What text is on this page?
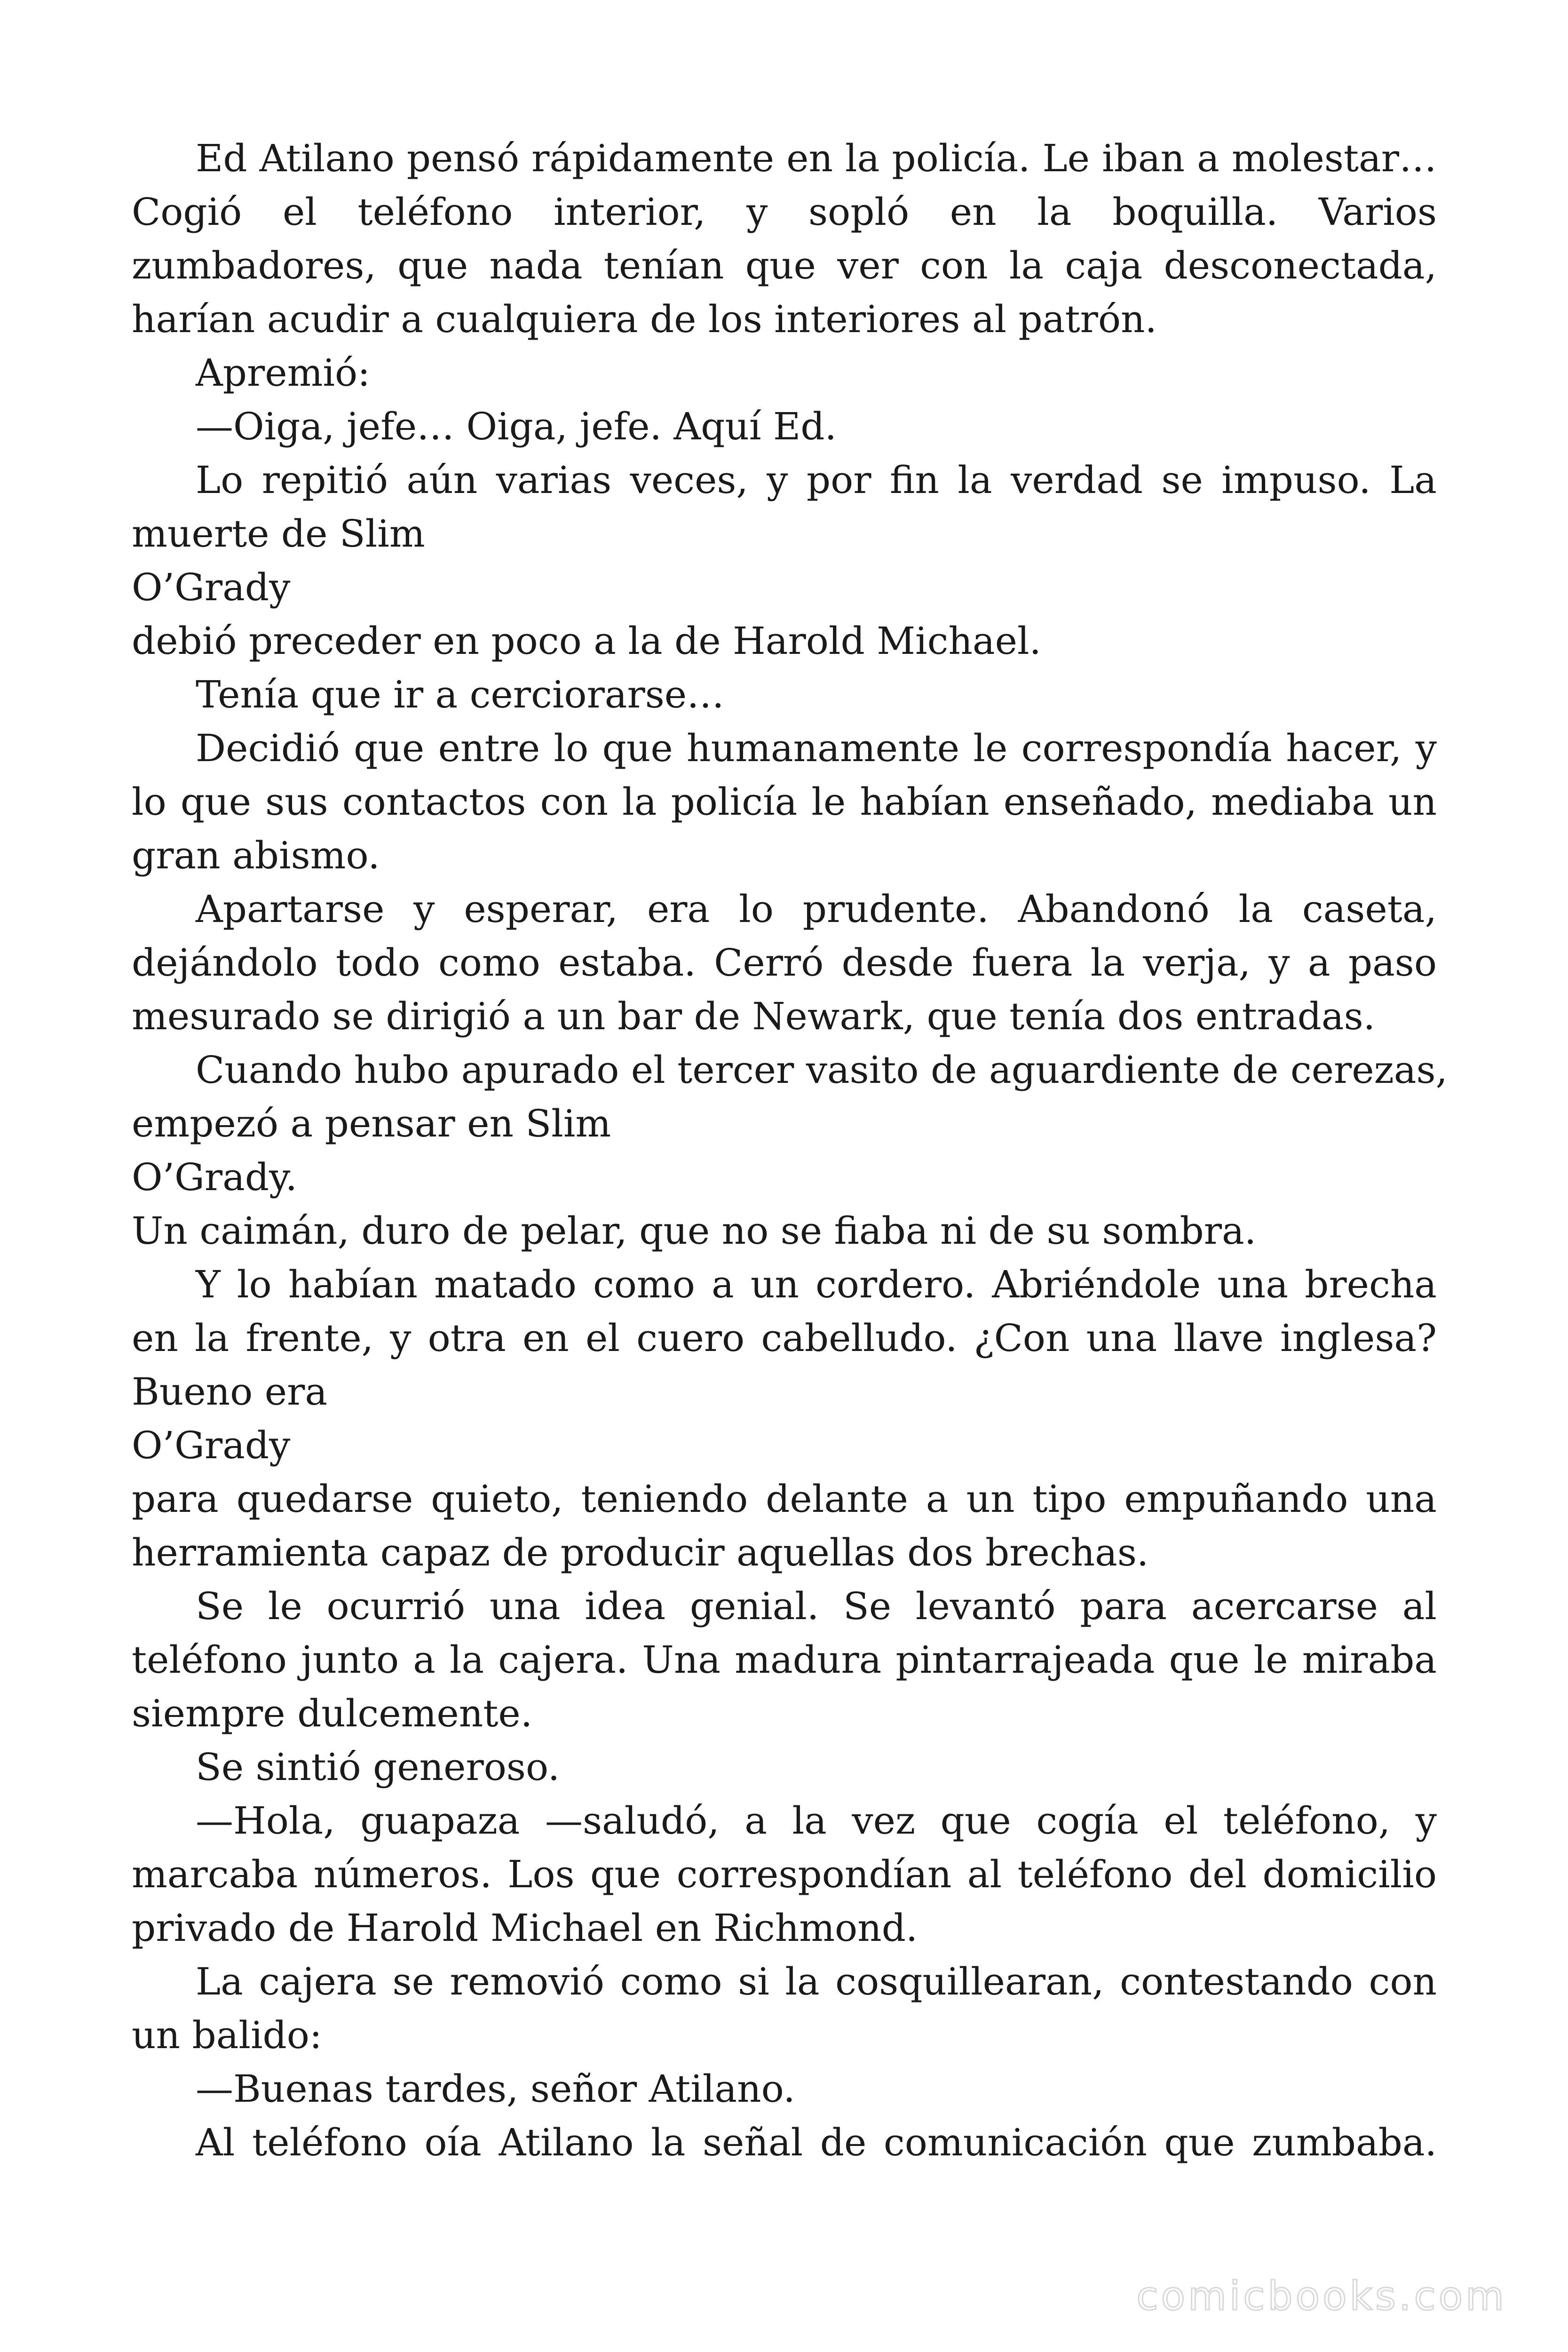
Ed Atilano pensó rápidamente en la policía. Le iban a molestar…
Cogió el teléfono interior, y sopló en la boquilla. Varios
zumbadores, que nada tenían que ver con la caja desconectada,
harían acudir a cualquiera de los interiores al patrón.
Apremió:
—Oiga, jefe… Oiga, jefe. Aquí Ed.
Lo repitió aún varias veces, y por fin la verdad se impuso. La
muerte de Slim
O’Grady
debió preceder en poco a la de Harold Michael.
Tenía que ir a cerciorarse…
Decidió que entre lo que humanamente le correspondía hacer, y
lo que sus contactos con la policía le habían enseñado, mediaba un
gran abismo.
Apartarse y esperar, era lo prudente. Abandonó la caseta,
dejándolo todo como estaba. Cerró desde fuera la verja, y a paso
mesurado se dirigió a un bar de Newark, que tenía dos entradas.
Cuando hubo apurado el tercer vasito de aguardiente de cerezas,
empezó a pensar en Slim
O’Grady.
Un caimán, duro de pelar, que no se fiaba ni de su sombra.
Y lo habían matado como a un cordero. Abriéndole una brecha
en la frente, y otra en el cuero cabelludo. ¿Con una llave inglesa?
Bueno era
O’Grady
para quedarse quieto, teniendo delante a un tipo empuñando una
herramienta capaz de producir aquellas dos brechas.
Se le ocurrió una idea genial. Se levantó para acercarse al
teléfono junto a la cajera. Una madura pintarrajeada que le miraba
siempre dulcemente.
Se sintió generoso.
—Hola, guapaza —saludó, a la vez que cogía el teléfono, y
marcaba números. Los que correspondían al teléfono del domicilio
privado de Harold Michael en Richmond.
La cajera se removió como si la cosquillearan, contestando con
un balido:
—Buenas tardes, señor Atilano.
Al teléfono oía Atilano la señal de comunicación que zumbaba.
comicbooks.com
